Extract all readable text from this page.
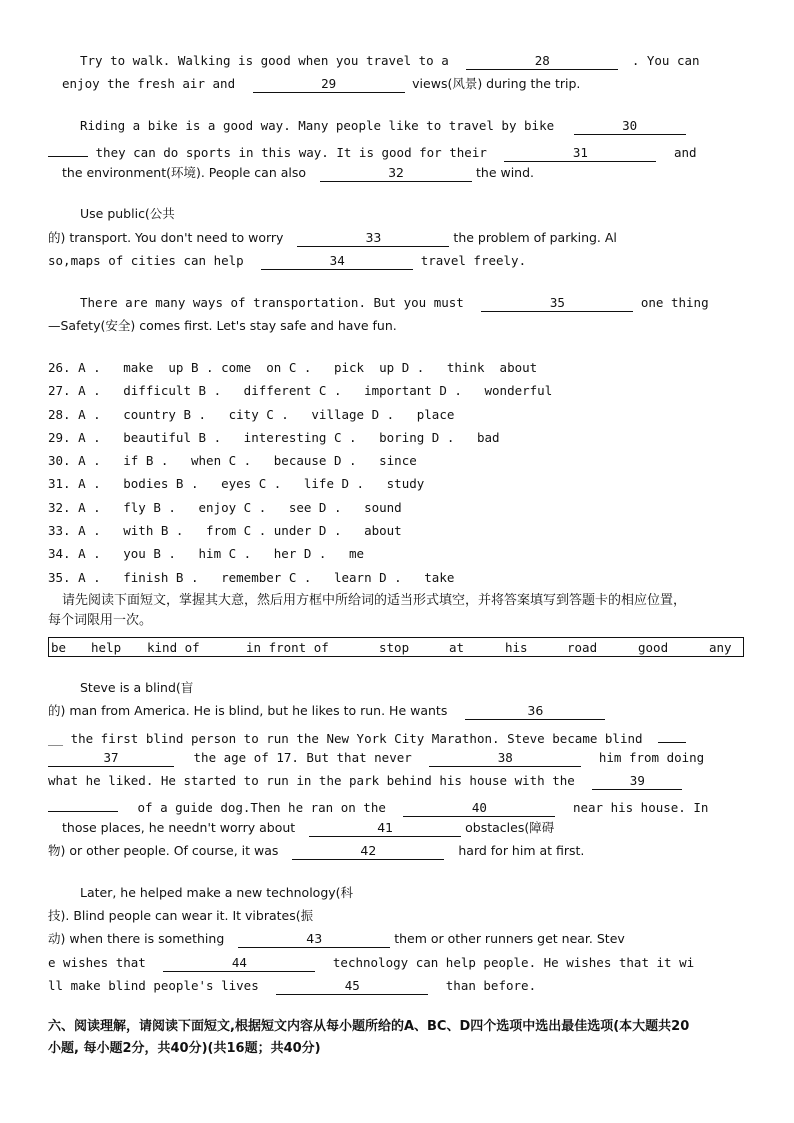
Try to walk. Walking is good when you travel to a	28	. You can
enjoy the fresh air and	29	views(风景) during the trip.
Riding a bike is a good way. Many people like to travel by bike	30
they can do sports in this way. It is good for their	31	and
the environment(环境). People can also	32	the wind.
Use public(公共
的) transport. You don't need to worry	33	the problem of parking. Al
so,maps of cities can help	34	travel freely.
There are many ways of transportation. But you must	35	one thing
—Safety(安全) comes first. Let's stay safe and have fun.
26. A .   make  up B . come  on C .   pick  up D .   think  about
27. A .   difficult B .   different C .   important D .   wonderful
28. A .   country B .   city C .   village D .   place
29. A .   beautiful B .   interesting C .   boring D .   bad
30. A .   if B .   when C .   because D .   since
31. A .   bodies B .   eyes C .   life D .   study
32. A .   fly B .   enjoy C .   see D .   sound
33. A .   with B .   from C . under D .   about
34. A .   you B .   him C .   her D .   me
35. A .   finish B .   remember C .   learn D .   take
请先阅读下面短文，掌握其大意，然后用方框中所给词的适当形式填空，并将答案填写到答题卡的相应位置，
每个词限用一次。
be help kind of	in front of	stop	at	his	road	good	any
Steve is a blind(盲
的) man from America. He is blind, but he likes to run. He wants	36
__ the first blind person to run the New York City Marathon. Steve became blind
37	the age of 17. But that never	38	him from doing
what he liked. He started to run in the park behind his house with the	39
of a guide dog.Then he ran on the	40	near his house. In
those places, he needn't worry about	41	obstacles(障碍
物) or other people. Of course, it was	42	hard for him at first.
Later, he helped make a new technology(科
技). Blind people can wear it. It vibrates(振
动) when there is something	43	them or other runners get near. Stev
e wishes that	44	technology can help people. He wishes that it wi
ll make blind people's lives	45	than before.
六、阅读理解，请阅读下面短文,根据短文内容从每小题所给的A、BC、D四个选项中选出最佳选项(本大题共20
小题, 每小题2分，共40分)(共16题；共40分)
